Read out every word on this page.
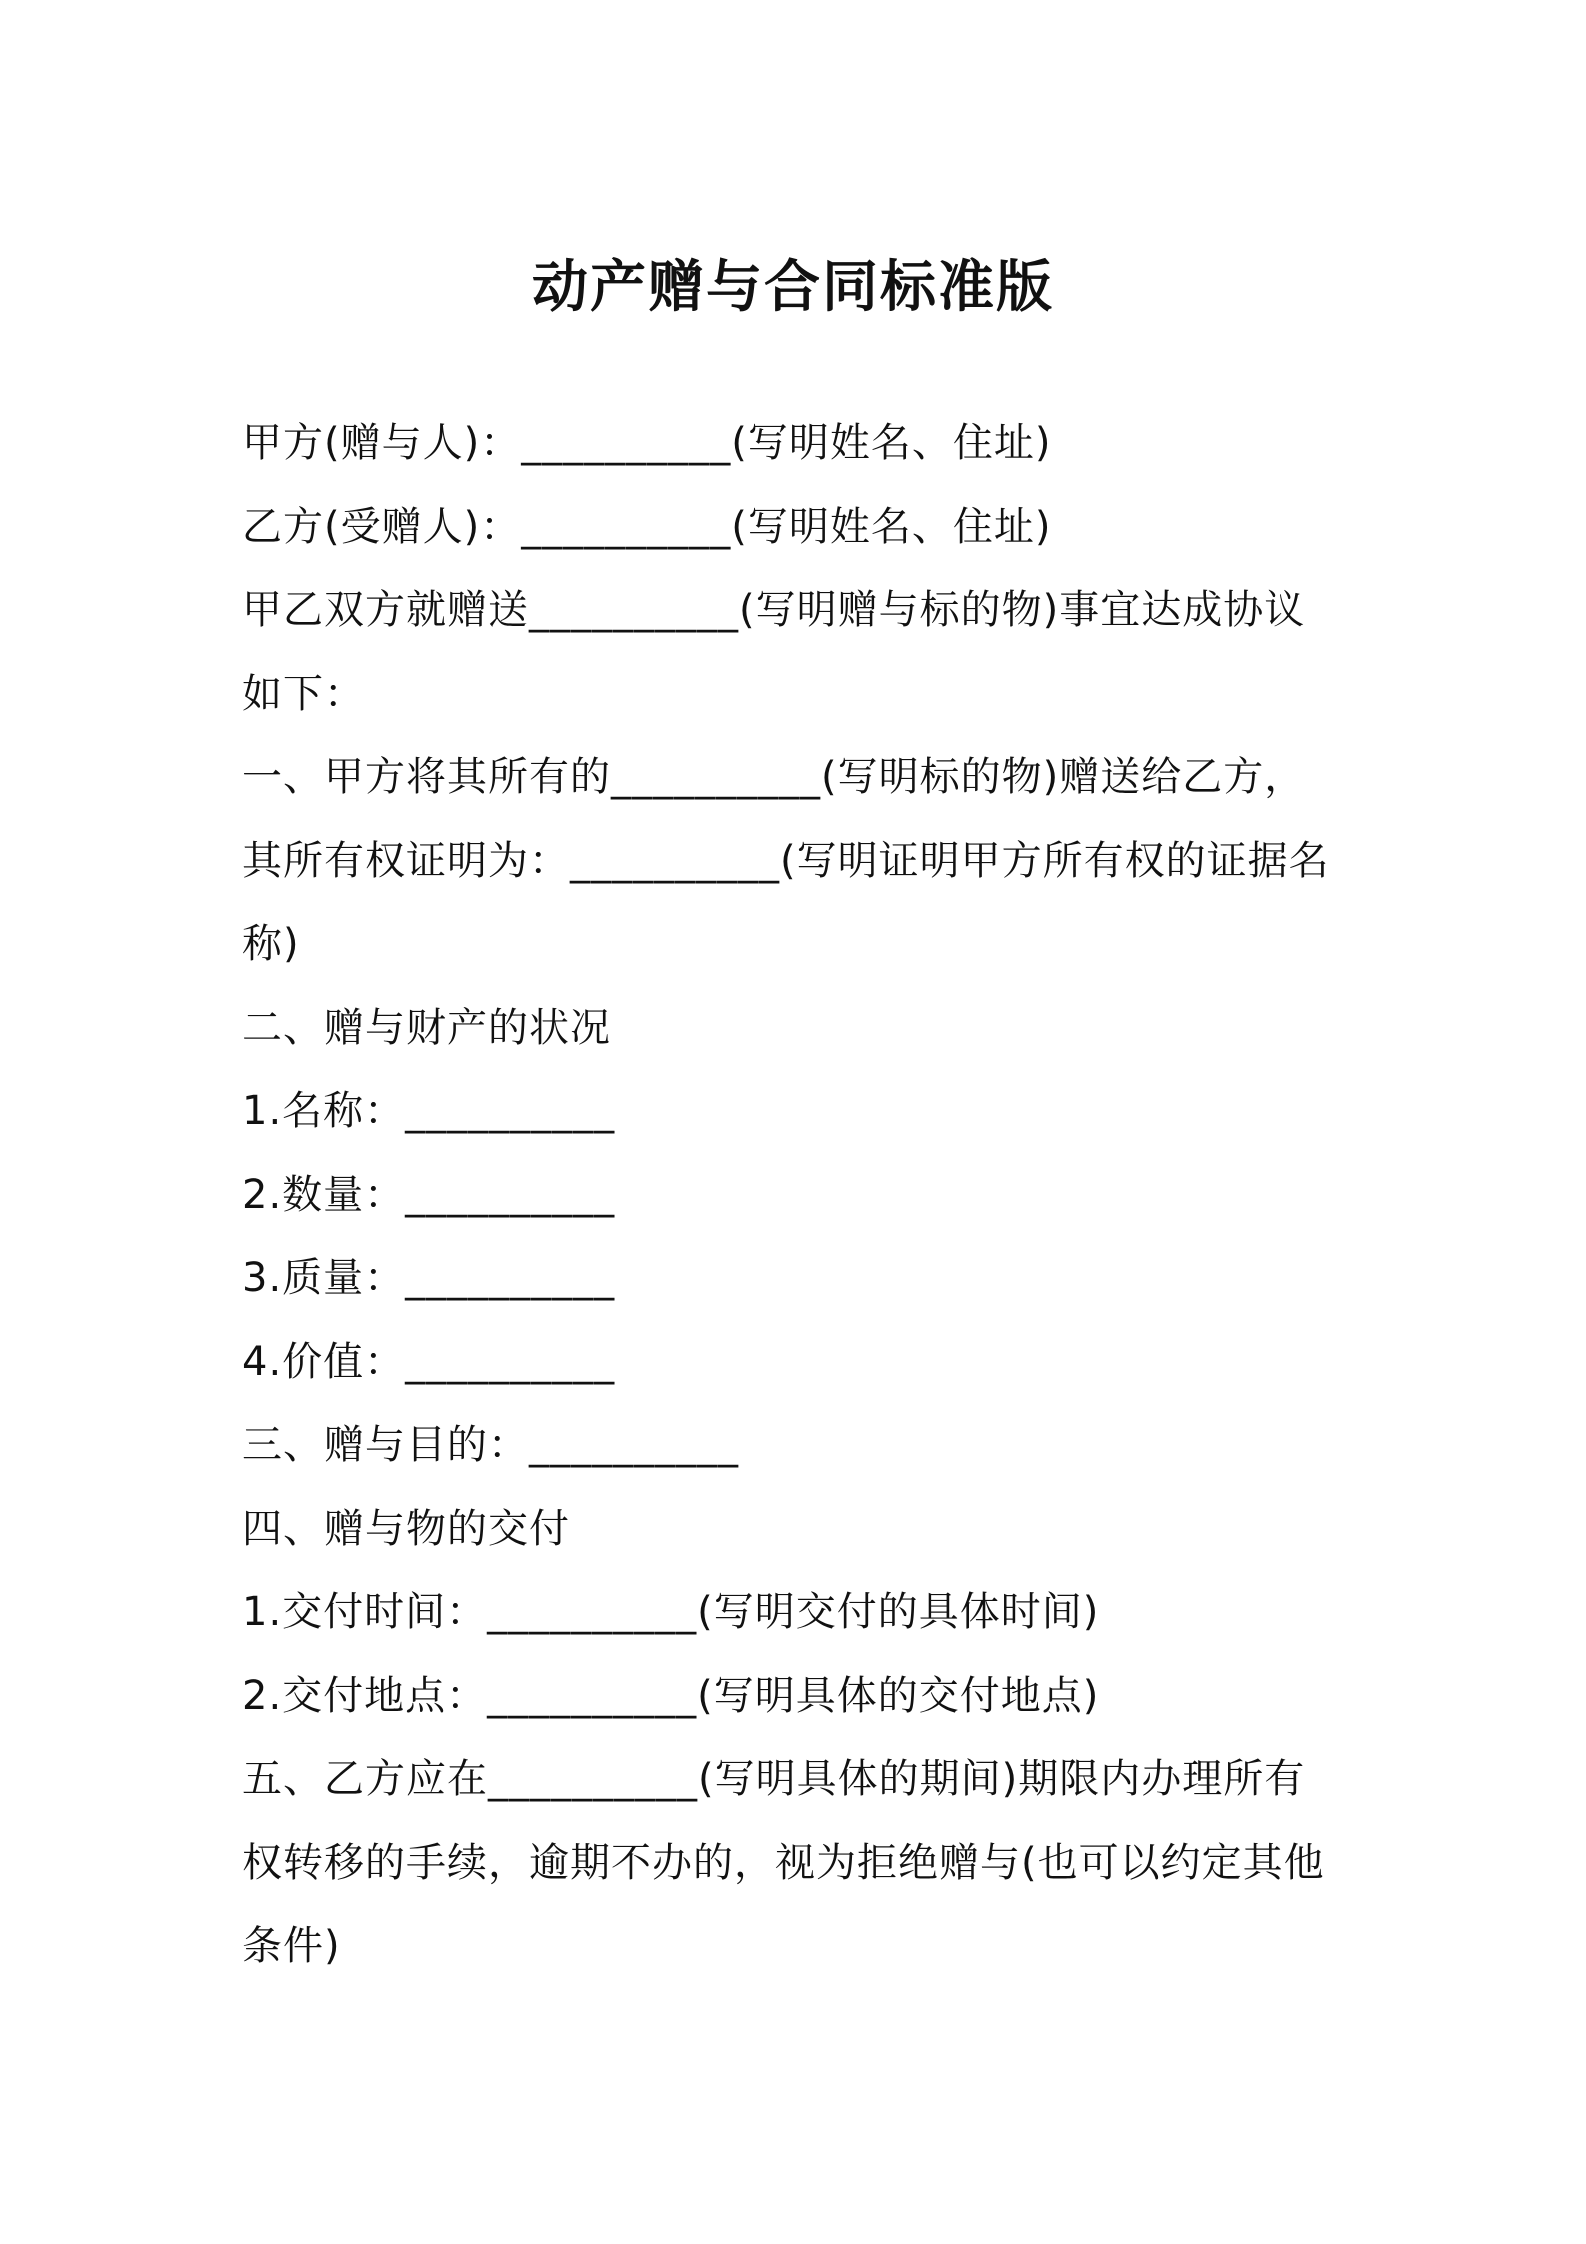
动产赠与合同标准版
甲方(赠与人)：__________(写明姓名、住址)
乙方(受赠人)：__________(写明姓名、住址)
甲乙双方就赠送__________(写明赠与标的物)事宜达成协议
如下：
一、甲方将其所有的__________(写明标的物)赠送给乙方，
其所有权证明为：__________(写明证明甲方所有权的证据名
称)
二、赠与财产的状况
1.名称：__________
2.数量：__________
3.质量：__________
4.价值：__________
三、赠与目的：__________
四、赠与物的交付
1.交付时间：__________(写明交付的具体时间)
2.交付地点：__________(写明具体的交付地点)
五、乙方应在__________(写明具体的期间)期限内办理所有
权转移的手续，逾期不办的，视为拒绝赠与(也可以约定其他
条件)
